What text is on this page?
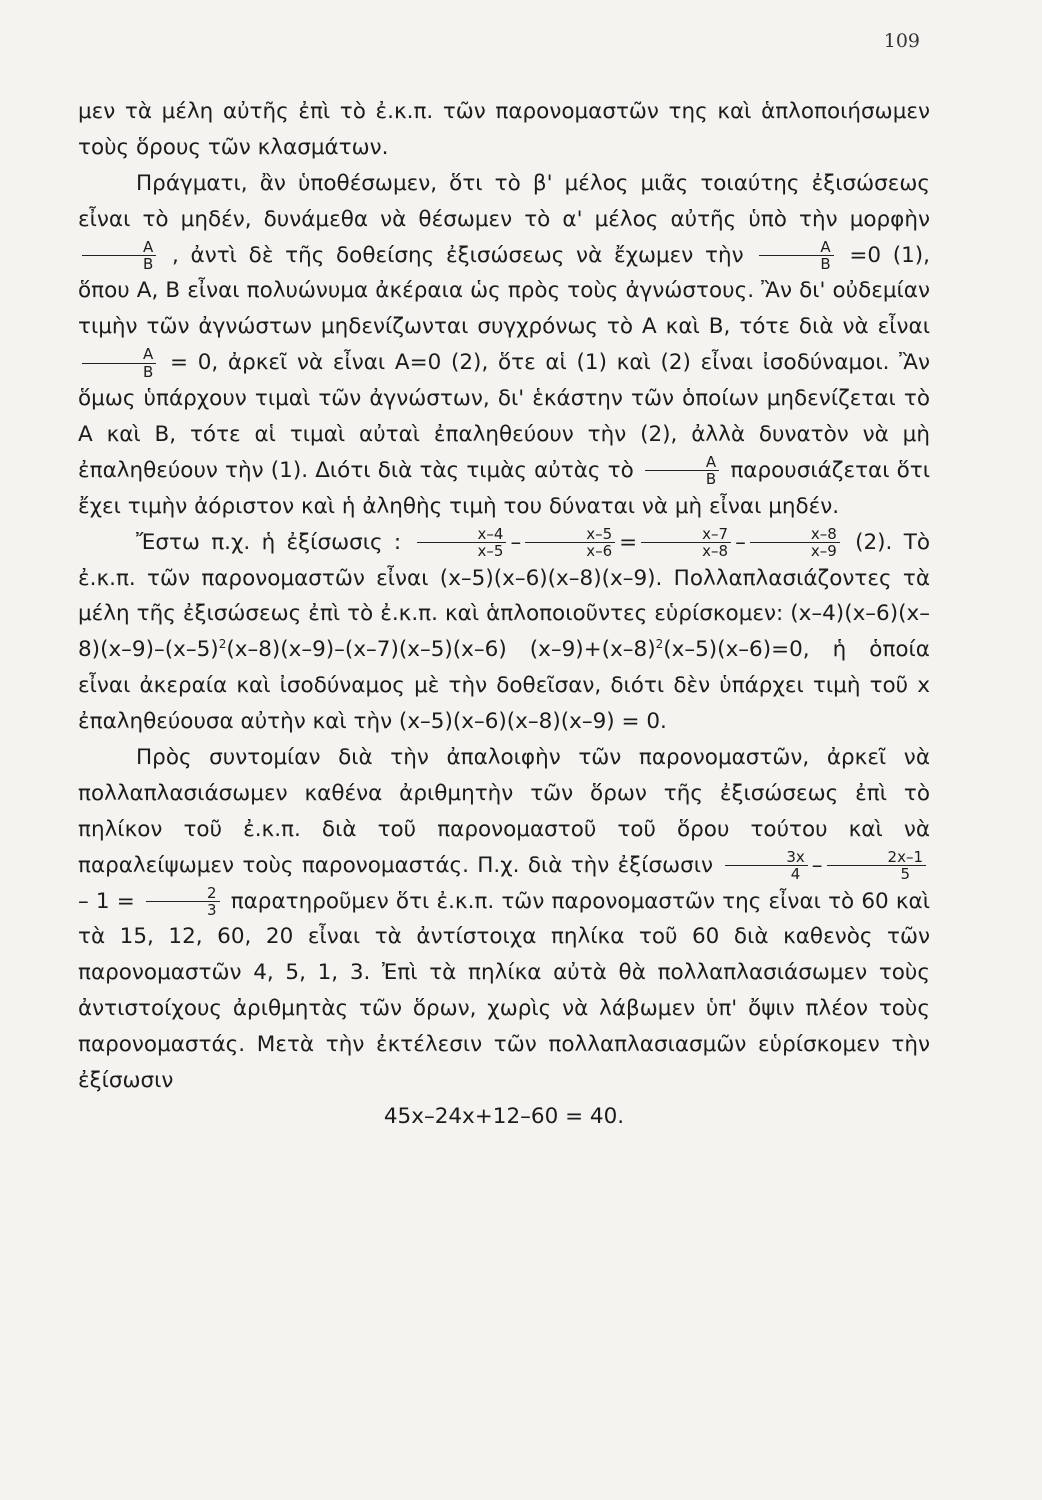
109

μεν τὰ μέλη αὐτῆς ἐπὶ τὸ ἐ.κ.π. τῶν παρονομαστῶν της καὶ ἁπλοποιήσωμεν τοὺς ὅρους τῶν κλασμάτων.

Πράγματι, ἂν ὑποθέσωμεν, ὅτι τὸ β' μέλος μιᾶς τοιαύτης ἐξισώσεως εἶναι τὸ μηδέν, δυνάμεθα νὰ θέσωμεν τὸ α' μέλος αὐτῆς ὑπὸ τὴν μορφὴν
$\frac{A}{B}$ , ἀντὶ δὲ τῆς δοθείσης ἐξισώσεως νὰ ἔχωμεν τὴν $\frac{A}{B} =0$ (1), ὅπου A, B εἶναι πολυώνυμα ἀκέραια ὡς πρὸς τοὺς ἀγνώστους. Ἂν δι' οὐδεμίαν τιμὴν τῶν ἀγνώστων μηδενίζωνται συγχρόνως τὸ A καὶ B, τότε διὰ νὰ εἶναι
$\frac{A}{B} = 0$, ἀρκεῖ νὰ εἶναι A=0 (2), ὅτε αἱ (1) καὶ (2) εἶναι ἰσοδύναμοι. Ἂν ὅμως ὑπάρχουν τιμαὶ τῶν ἀγνώστων, δι' ἑκάστην τῶν ὁποίων μηδενίζεται τὸ A καὶ B, τότε αἱ τιμαὶ αὐταὶ ἐπαληθεύουν τὴν (2), ἀλλὰ δυνατὸν νὰ μὴ ἐπαληθεύουν τὴν (1). Διότι διὰ τὰς τιμὰς αὐτὰς τὸ $\frac{A}{B}$ παρουσιάζεται ὅτι ἔχει τιμὴν ἀόριστον καὶ ἡ ἀληθὴς τιμὴ του δύναται νὰ μὴ εἶναι μηδέν.

Ἔστω π.χ. ἡ ἐξίσωσις : $\frac{x-4}{x-5} - \frac{x-5}{x-6} = \frac{x-7}{x-8} - \frac{x-8}{x-9} (2)$. Τὸ ἐ.κ.π. τῶν παρονομαστῶν εἶναι (x–5)(x–6)(x–8)(x–9). Πολλαπλασιάζοντες τὰ μέλη τῆς ἐξισώσεως ἐπὶ τὸ ἐ.κ.π. καὶ ἁπλοποιοῦντες εὑρίσκομεν: $(x-4)(x-6)(x-8)(x-9)-(x-5)^2(x-8)(x-9)-(x-7)(x-5)(x-6)$ $(x-9)+(x-8)^2(x-5)(x-6)=0$, ἡ ὁποία εἶναι ἀκεραία καὶ ἰσοδύναμος μὲ τὴν δοθεῖσαν, διότι δὲν ὑπάρχει τιμὴ τοῦ x ἐπαληθεύουσα αὐτὴν καὶ τὴν (x–5)(x–6)(x–8)(x–9) = 0.

Πρὸς συντομίαν διὰ τὴν ἀπαλοιφὴν τῶν παρονομαστῶν, ἀρκεῖ νὰ πολλαπλασιάσωμεν καθένα ἀριθμητὴν τῶν ὅρων τῆς ἐξισώσεως ἐπὶ τὸ πηλίκον τοῦ ἐ.κ.π. διὰ τοῦ παρονομαστοῦ τοῦ ὅρου τούτου καὶ νὰ παραλείψωμεν τοὺς παρονομαστάς. Π.χ. διὰ τὴν ἐξίσωσιν $\frac{3x}{4} - \frac{2x-1}{5}$
– $1 = \frac{2}{3}$ παρατηροῦμεν ὅτι ἐ.κ.π. τῶν παρονομαστῶν της εἶναι τὸ 60 καὶ τὰ 15, 12, 60, 20 εἶναι τὰ ἀντίστοιχα πηλίκα τοῦ 60 διὰ καθενὸς τῶν παρονομαστῶν 4, 5, 1, 3. Ἐπὶ τὰ πηλίκα αὐτὰ θὰ πολλαπλασιάσωμεν τοὺς ἀντιστοίχους ἀριθμητὰς τῶν ὅρων, χωρὶς νὰ λάβωμεν ὑπ' ὄψιν πλέον τοὺς παρονομαστάς. Μετὰ τὴν ἐκτέλεσιν τῶν πολλαπλασιασμῶν εὑρίσκομεν τὴν ἐξίσωσιν

45x–24x+12–60 = 40.
